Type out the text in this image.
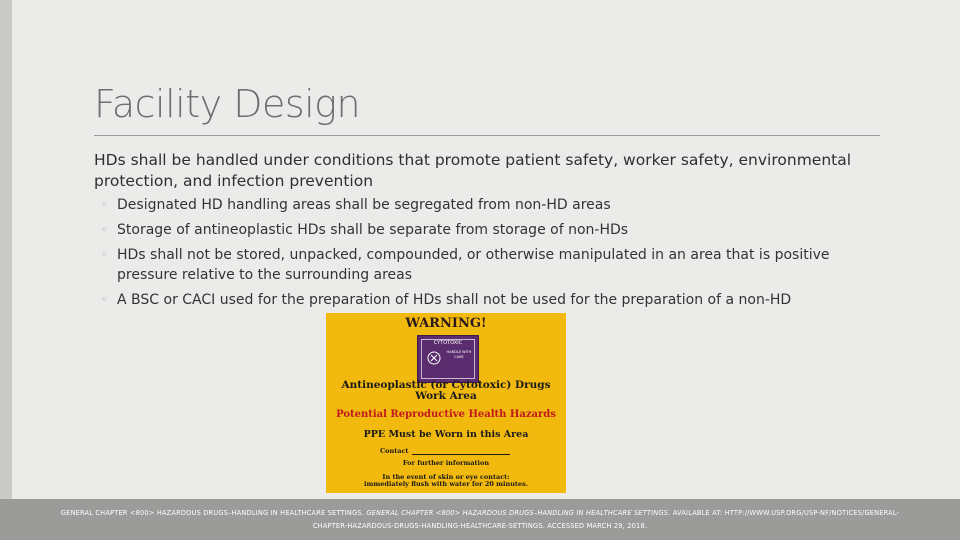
Facility Design

HDs shall be handled under conditions that promote patient safety, worker safety, environmental protection, and infection prevention

◦ Designated HD handling areas shall be segregated from non-HD areas
◦ Storage of antineoplastic HDs shall be separate from storage of non-HDs
◦ HDs shall not be stored, unpacked, compounded, or otherwise manipulated in an area that is positive pressure relative to the surrounding areas
◦ A BSC or CACI used for the preparation of HDs shall not be used for the preparation of a non-HD
WARNING!
CYTOTOXIC
HANDLE WITH CARE
Antineoplastic (or Cytotoxic) Drugs
Work Area
Potential Reproductive Health Hazards
PPE Must be Worn in this Area
Contact
For further information
In the event of skin or eye contact:
immediately flush with water for 20 minutes.
GENERAL CHAPTER <800> HAZARDOUS DRUGS–HANDLING IN HEALTHCARE SETTINGS. GENERAL CHAPTER <800> HAZARDOUS DRUGS–HANDLING IN HEALTHCARE SETTINGS. AVAILABLE AT: HTTP://WWW.USP.ORG/USP-NF/NOTICES/GENERAL-CHAPTER-HAZARDOUS-DRUGS-HANDLING-HEALTHCARE-SETTINGS. ACCESSED MARCH 29, 2018.
